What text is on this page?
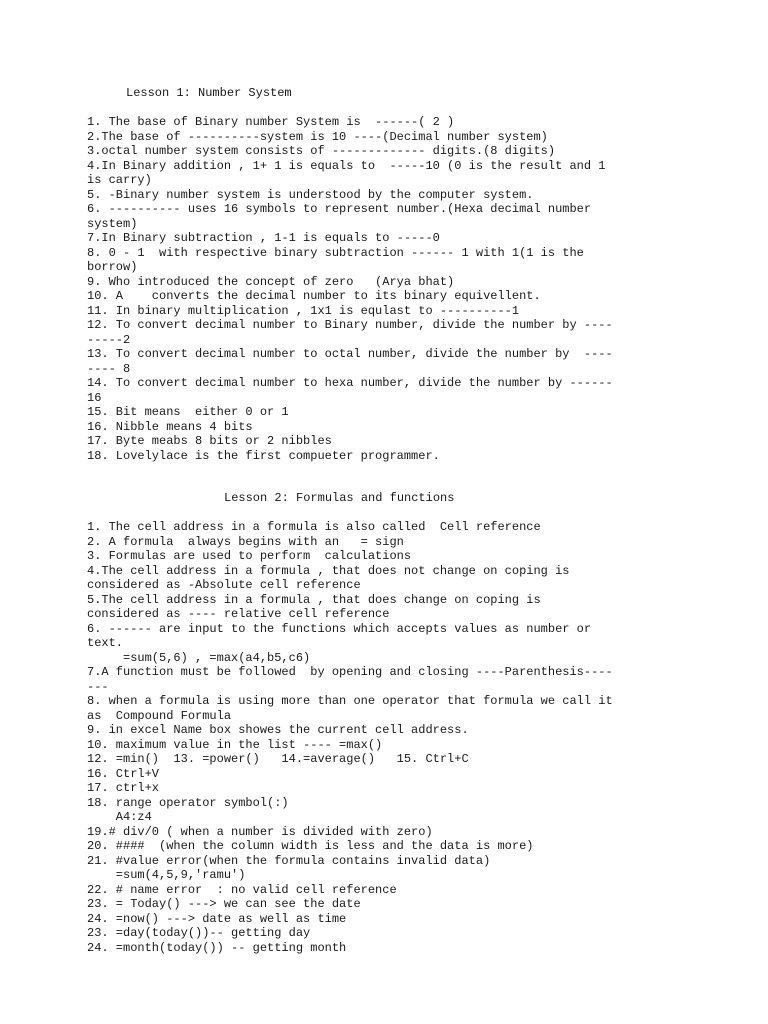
Lesson 1: Number System
1. The base of Binary number System is  ------( 2 )
2.The base of ----------system is 10 ----(Decimal number system)
3.octal number system consists of ------------- digits.(8 digits)
4.In Binary addition , 1+ 1 is equals to  -----10 (0 is the result and 1
is carry)
5. -Binary number system is understood by the computer system.
6. ---------- uses 16 symbols to represent number.(Hexa decimal number
system)
7.In Binary subtraction , 1-1 is equals to -----0
8. 0 - 1  with respective binary subtraction ------ 1 with 1(1 is the
borrow)
9. Who introduced the concept of zero   (Arya bhat)
10. A    converts the decimal number to its binary equivellent.
11. In binary multiplication , 1x1 is equlast to ----------1
12. To convert decimal number to Binary number, divide the number by ----
-----2
13. To convert decimal number to octal number, divide the number by  ----
---- 8
14. To convert decimal number to hexa number, divide the number by ------
16
15. Bit means  either 0 or 1
16. Nibble means 4 bits
17. Byte meabs 8 bits or 2 nibbles
18. Lovelylace is the first compueter programmer.
Lesson 2: Formulas and functions
1. The cell address in a formula is also called  Cell reference
2. A formula  always begins with an   = sign
3. Formulas are used to perform  calculations
4.The cell address in a formula , that does not change on coping is
considered as -Absolute cell reference
5.The cell address in a formula , that does change on coping is
considered as ---- relative cell reference
6. ------ are input to the functions which accepts values as number or
text.
=sum(5,6) , =max(a4,b5,c6)
7.A function must be followed  by opening and closing ----Parenthesis----
---
8. when a formula is using more than one operator that formula we call it
as  Compound Formula
9. in excel Name box showes the current cell address.
10. maximum value in the list ---- =max()
12. =min()  13. =power()   14.=average()   15. Ctrl+C
16. Ctrl+V
17. ctrl+x
18. range operator symbol(:)
A4:z4
19.# div/0 ( when a number is divided with zero)
20. ####  (when the column width is less and the data is more)
21. #value error(when the formula contains invalid data)
=sum(4,5,9,'ramu')
22. # name error  : no valid cell reference
23. = Today() ---> we can see the date
24. =now() ---> date as well as time
23. =day(today())-- getting day
24. =month(today()) -- getting month
